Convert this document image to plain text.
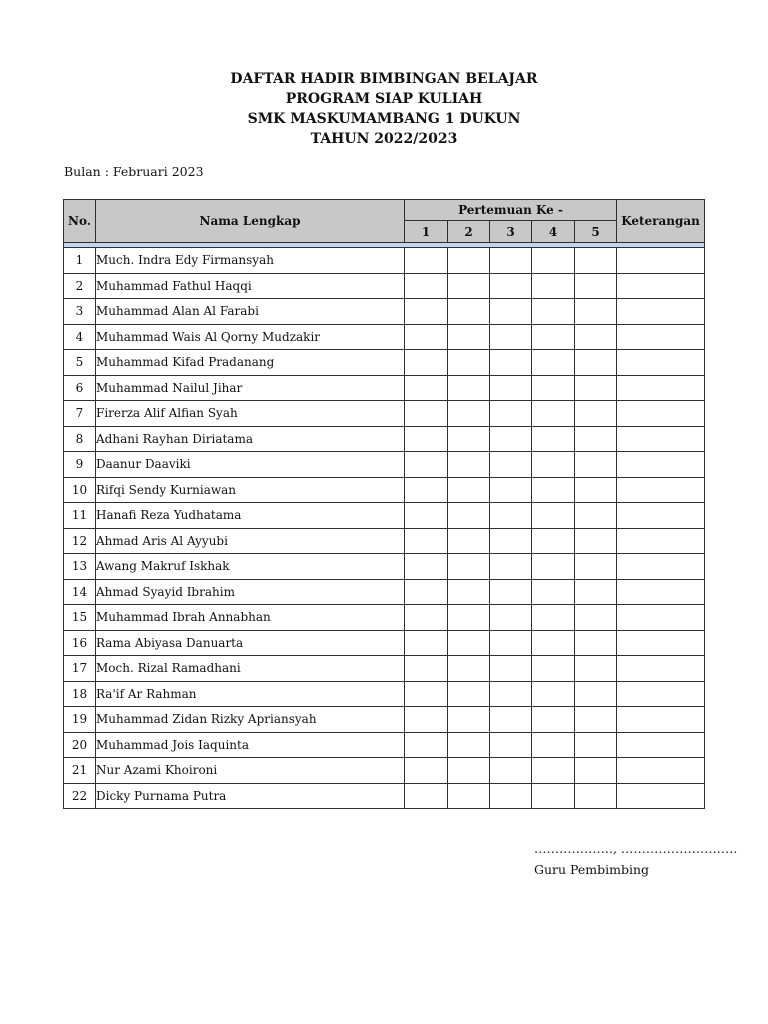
DAFTAR HADIR BIMBINGAN BELAJAR
PROGRAM SIAP KULIAH
SMK MASKUMAMBANG 1 DUKUN
TAHUN 2022/2023
Bulan : Februari 2023
No.	Nama Lengkap	Pertemuan Ke -					Keterangan
		1	2	3	4	5	

1	Much. Indra Edy Firmansyah						
2	Muhammad Fathul Haqqi						
3	Muhammad Alan Al Farabi						
4	Muhammad Wais Al Qorny Mudzakir						
5	Muhammad Kifad Pradanang						
6	Muhammad Nailul Jihar						
7	Firerza Alif Alfian Syah						
8	Adhani Rayhan Diriatama						
9	Daanur Daaviki						
10	Rifqi Sendy Kurniawan						
11	Hanafi Reza Yudhatama						
12	Ahmad Aris Al Ayyubi						
13	Awang Makruf Iskhak						
14	Ahmad Syayid Ibrahim						
15	Muhammad Ibrah Annabhan						
16	Rama Abiyasa Danuarta						
17	Moch. Rizal Ramadhani						
18	Ra'if Ar Rahman						
19	Muhammad Zidan Rizky Apriansyah						
20	Muhammad Jois Iaquinta						
21	Nur Azami Khoironi						
22	Dicky Purnama Putra						
………………., ……………………….
Guru Pembimbing
